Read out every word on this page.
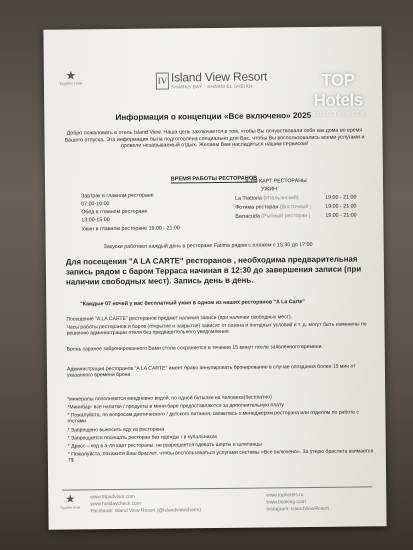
★
Egyptian Hotel	IV Island View Resort
SHARKS BAY · SHARM EL SHEIKH	TOP Hotels
ФОТО ТУРИСТА
Информация о концепции «Все включено» 2025
Добро пожаловать в отель Island View. Наша цель заключается в том, чтобы Вы почувствовали себя как дома во время Вашего отпуска. Эта информация была подготовлена специально для Вас, чтобы Вы воспользовались всеми услугами и провели незабываемый отдых. Желаем Вам насладиться нашим сервисом!
ВРЕМЯ РАБОТЫ РЕСТОРАНОВ
Завтрак в главном ресторане
07:00-10:00
Обед в главном ресторане
13:00-15:00
Ужин в главном ресторане 19:00 - 21:00
А-ЛЯ КАРТ РЕСТОРАНЫ
УЖИН
La Trattoria (Итальянский)	19:00 - 21:00
Фотима ресторан (Восточный )	19:00 - 21:00
Barracuda (Рыбный ресторан )	19:00 - 21:00
Закуски работают каждый день в ресторане Fatima рядом с пляжем с 15:30 до 17:00
Для посещения "A LA CARTE" ресторанов , необходима предварительная запись рядом с баром Терраса начиная в 12:30 до завершения записи (при наличии свободных мест). Запись день в день.
"Каждые 07 ночей у вас бесплатный ужин в одном из наших ресторанов "A La Carte"
Посещение "A LA CARTE" ресторанов предмет наличия записи (при наличии свободных мест).
Часы работы ресторанов и баров (открытие и закрытие) зависят от сезона и погодных условий и т. д. могут быть изменены по решению администрации отеля без предварительного уведомления.
Бронь заранее забронированного Вами стола сохраняется в течение 15 минут после заявленного времени.
Администрация ресторанов "A LA CARTE" имеет право аннулировать бронирование в случае опоздания более 15 мин от указанного времени брони.
*минералы пополняются ежедневно водой, по одной бутылке на человека(бесплатно)
*Минибар- все напитки / продукты в мини-баре предоставляются за дополнительную плату
* Пожалуйста, по вопросам диетического / детского питания, свяжитесь с менеджером ресторана или отделом по работе с гостями
* Запрещено выносить еду из ресторана
* Запрещается посещать ресторан без одежды / в купальниках
* Дресс – код в а-ля карт рестораны: не разрешается одевать шорты и шлепанцы
* Пожалуйста, покажите Ваш браслет, чтобы воспользоваться услугами системы «Все включено». За утерю браслета взимается 7$
★
Egyptian Hotel
www.tripadvisor.com
www.holidaycheck.com
Facebook: Island View Resort (@islandviewsharm)
www.tophotels.ru
www.booking.com
Instagram: IslandViewResort
